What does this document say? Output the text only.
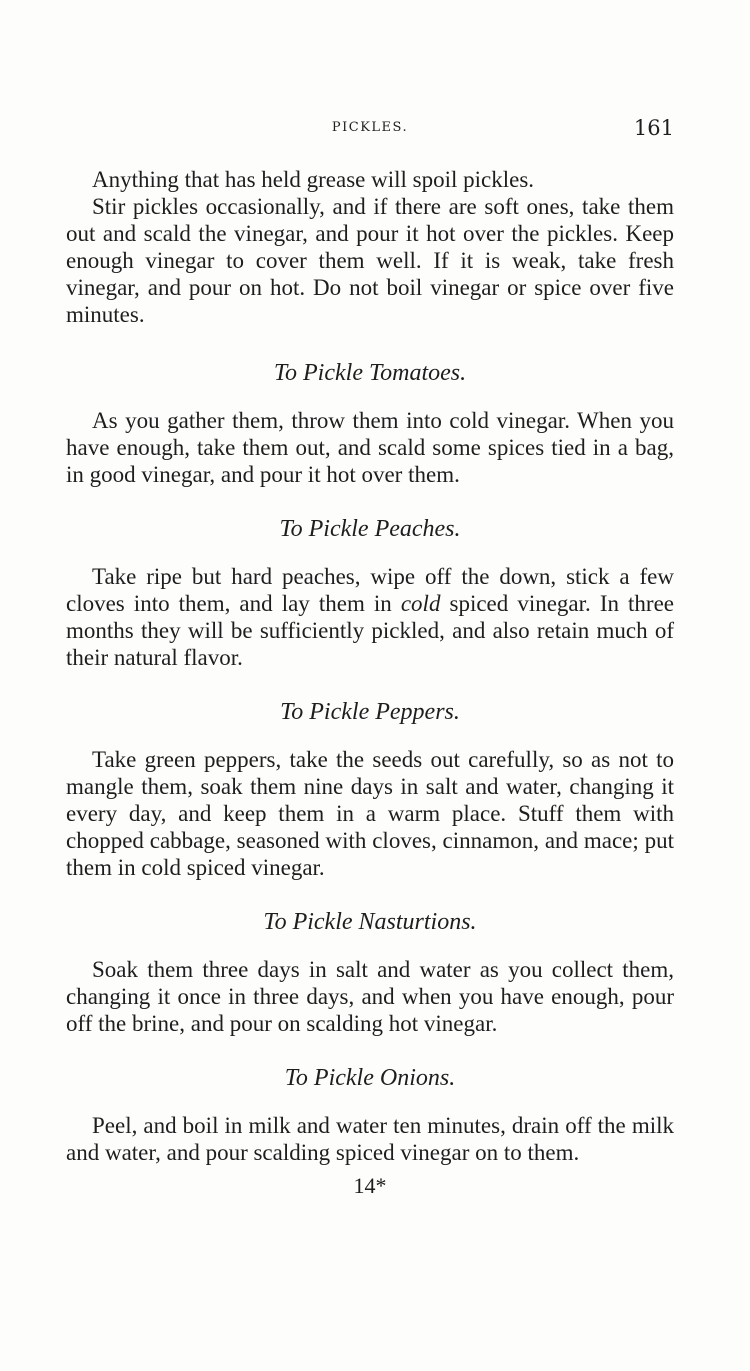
PICKLES.	161

Anything that has held grease will spoil pickles.

Stir pickles occasionally, and if there are soft ones, take them out and scald the vinegar, and pour it hot over the pickles. Keep enough vinegar to cover them well. If it is weak, take fresh vinegar, and pour on hot. Do not boil vinegar or spice over five minutes.

To Pickle Tomatoes.

As you gather them, throw them into cold vinegar. When you have enough, take them out, and scald some spices tied in a bag, in good vinegar, and pour it hot over them.

To Pickle Peaches.

Take ripe but hard peaches, wipe off the down, stick a few cloves into them, and lay them in cold spiced vinegar. In three months they will be sufficiently pickled, and also retain much of their natural flavor.

To Pickle Peppers.

Take green peppers, take the seeds out carefully, so as not to mangle them, soak them nine days in salt and water, changing it every day, and keep them in a warm place. Stuff them with chopped cabbage, seasoned with cloves, cinnamon, and mace; put them in cold spiced vinegar.

To Pickle Nasturtions.

Soak them three days in salt and water as you collect them, changing it once in three days, and when you have enough, pour off the brine, and pour on scalding hot vinegar.

To Pickle Onions.

Peel, and boil in milk and water ten minutes, drain off the milk and water, and pour scalding spiced vinegar on to them.

14*
